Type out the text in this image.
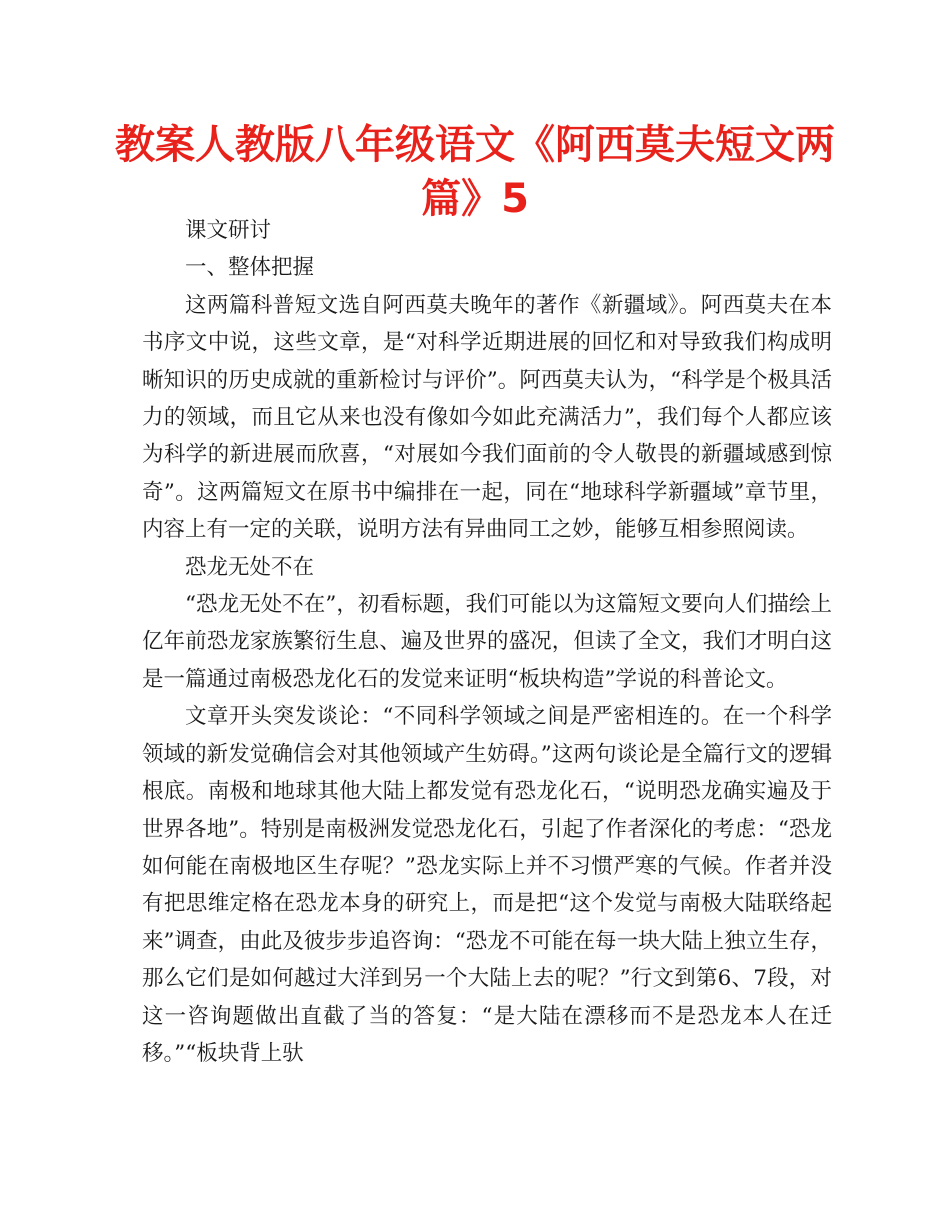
教案人教版八年级语文《阿西莫夫短文两篇》5

课文研讨

一、整体把握

这两篇科普短文选自阿西莫夫晚年的著作《新疆域》。阿西莫夫在本书序文中说，这些文章，是“对科学近期进展的回忆和对导致我们构成明晰知识的历史成就的重新检讨与评价”。阿西莫夫认为，“科学是个极具活力的领域，而且它从来也没有像如今如此充满活力”，我们每个人都应该为科学的新进展而欣喜，“对展如今我们面前的令人敬畏的新疆域感到惊奇”。这两篇短文在原书中编排在一起，同在“地球科学新疆域”章节里，内容上有一定的关联，说明方法有异曲同工之妙，能够互相参照阅读。

恐龙无处不在

“恐龙无处不在”，初看标题，我们可能以为这篇短文要向人们描绘上亿年前恐龙家族繁衍生息、遍及世界的盛况，但读了全文，我们才明白这是一篇通过南极恐龙化石的发觉来证明“板块构造”学说的科普论文。

文章开头突发谈论：“不同科学领域之间是严密相连的。在一个科学领域的新发觉确信会对其他领域产生妨碍。”这两句谈论是全篇行文的逻辑根底。南极和地球其他大陆上都发觉有恐龙化石，“说明恐龙确实遍及于世界各地”。特别是南极洲发觉恐龙化石，引起了作者深化的考虑：“恐龙如何能在南极地区生存呢？”恐龙实际上并不习惯严寒的气候。作者并没有把思维定格在恐龙本身的研究上，而是把“这个发觉与南极大陆联络起来”调查，由此及彼步步追咨询：“恐龙不可能在每一块大陆上独立生存，那么它们是如何越过大洋到另一个大陆上去的呢？”行文到第6、7段，对这一咨询题做出直截了当的答复：“是大陆在漂移而不是恐龙本人在迁移。”“板块背上驮
